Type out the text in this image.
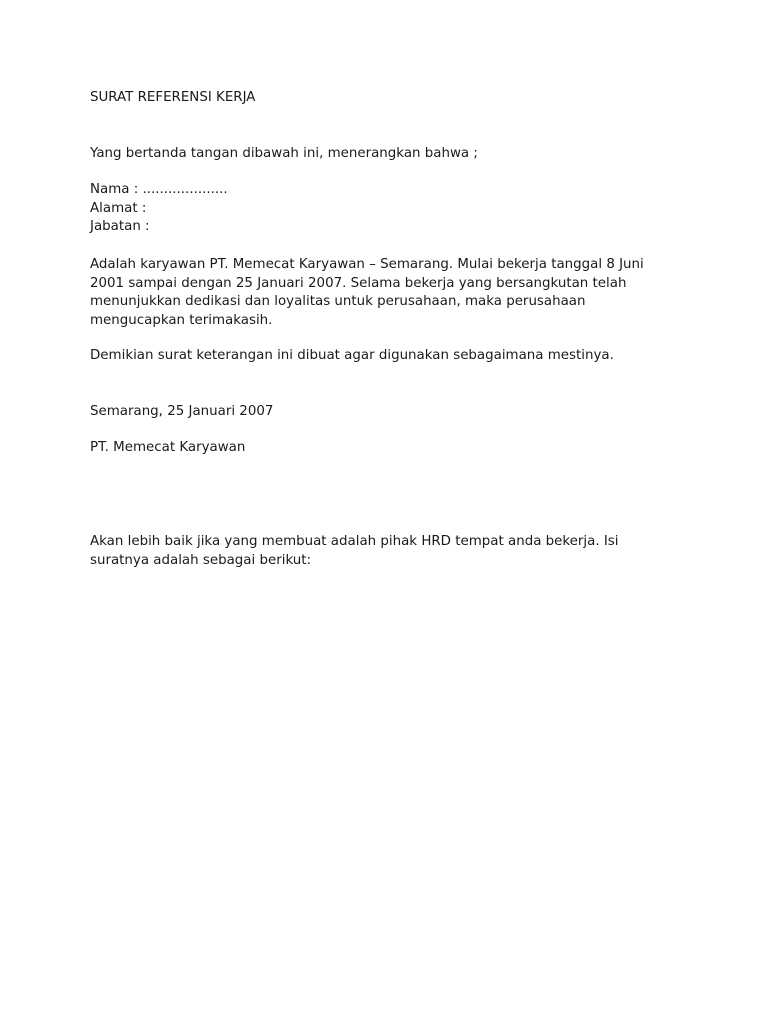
SURAT REFERENSI KERJA

Yang bertanda tangan dibawah ini, menerangkan bahwa ;

Nama : ....................

Alamat :

Jabatan :

Adalah karyawan PT. Memecat Karyawan – Semarang. Mulai bekerja tanggal 8 Juni
2001 sampai dengan 25 Januari 2007. Selama bekerja yang bersangkutan telah
menunjukkan dedikasi dan loyalitas untuk perusahaan, maka perusahaan
mengucapkan terimakasih.

Demikian surat keterangan ini dibuat agar digunakan sebagaimana mestinya.

Semarang, 25 Januari 2007

PT. Memecat Karyawan

Akan lebih baik jika yang membuat adalah pihak HRD tempat anda bekerja. Isi
suratnya adalah sebagai berikut:
